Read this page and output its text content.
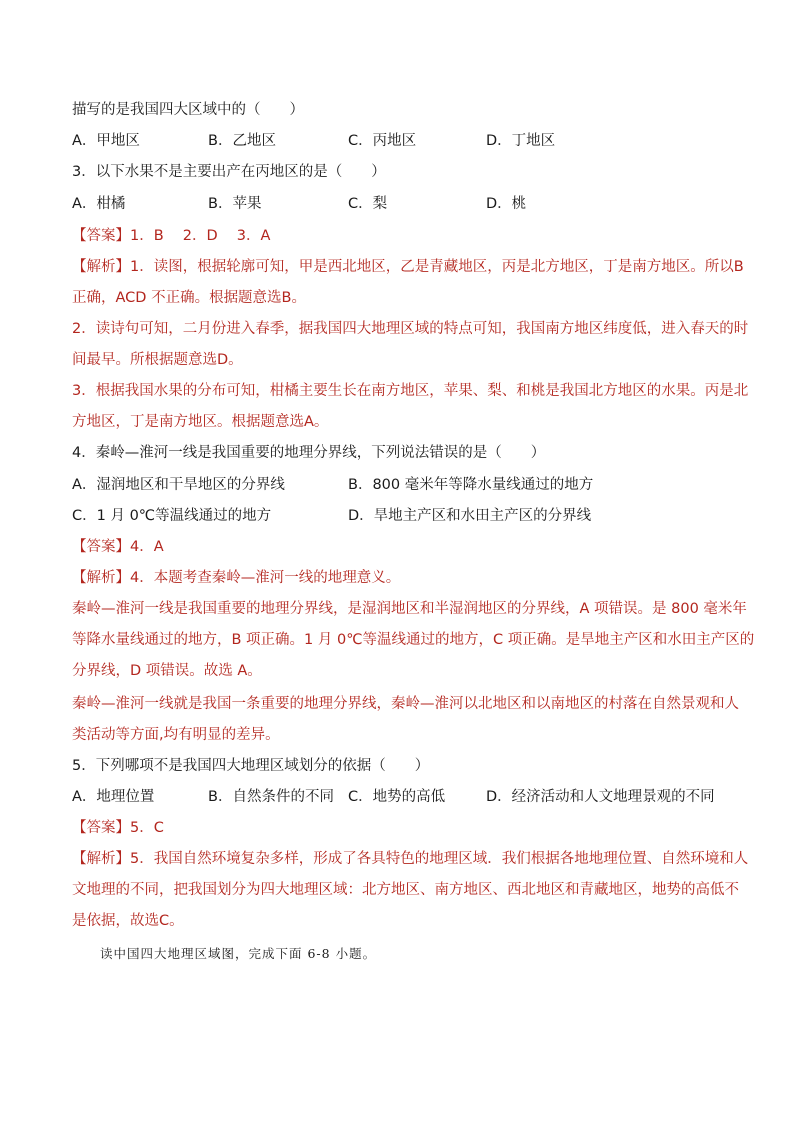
描写的是我国四大区域中的（　　）
A．甲地区	B．乙地区	C．丙地区	D．丁地区
3．以下水果不是主要出产在丙地区的是（　　）
A．柑橘	B．苹果	C．梨	D．桃
【答案】1．B　 2．D　 3．A
【解析】1．读图，根据轮廓可知，甲是西北地区，乙是青藏地区，丙是北方地区，丁是南方地区。所以B
正确，ACD 不正确。根据题意选B。
2．读诗句可知，二月份进入春季，据我国四大地理区域的特点可知，我国南方地区纬度低，进入春天的时
间最早。所根据题意选D。
3．根据我国水果的分布可知，柑橘主要生长在南方地区，苹果、梨、和桃是我国北方地区的水果。丙是北
方地区，丁是南方地区。根据题意选A。
4．秦岭—淮河一线是我国重要的地理分界线，下列说法错误的是（　　）
A．湿润地区和干旱地区的分界线	B．800 毫米年等降水量线通过的地方
C．1 月 0℃等温线通过的地方	D．旱地主产区和水田主产区的分界线
【答案】4．A
【解析】4．本题考查秦岭—淮河一线的地理意义。
秦岭—淮河一线是我国重要的地理分界线，是湿润地区和半湿润地区的分界线，A 项错误。是 800 毫米年
等降水量线通过的地方，B 项正确。1 月 0℃等温线通过的地方，C 项正确。是旱地主产区和水田主产区的
分界线，D 项错误。故选 A。
秦岭—淮河一线就是我国一条重要的地理分界线，秦岭—淮河以北地区和以南地区的村落在自然景观和人
类活动等方面,均有明显的差异。
5．下列哪项不是我国四大地理区域划分的依据（　　）
A．地理位置	B．自然条件的不同 C．地势的高低	D．经济活动和人文地理景观的不同
【答案】5．C
【解析】5．我国自然环境复杂多样，形成了各具特色的地理区域．我们根据各地地理位置、自然环境和人
文地理的不同，把我国划分为四大地理区域：北方地区、南方地区、西北地区和青藏地区，地势的高低不
是依据，故选C。
读中国四大地理区域图，完成下面 6-8 小题。
